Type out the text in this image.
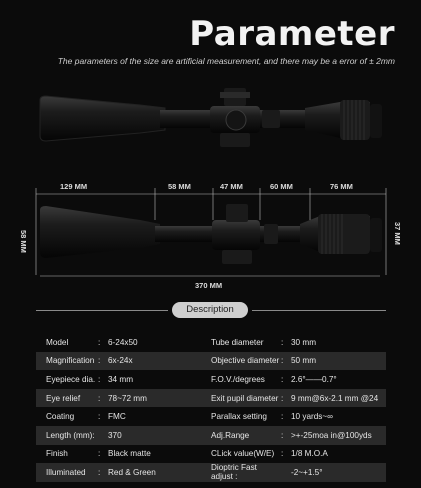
Parameter
The parameters of the size are artificial measurement, and there may be a error of ± 2mm
129 MM	58 MM	47 MM	60 MM	76 MM
370 MM
58 MM	37 MM
Description
Model	: 6-24x50	Tube diameter	: 30 mm
Magnification : 6x-24x	Objective diameter : 50 mm
Eyepiece dia. : 34 mm	F.O.V./degrees	: 2.6°——0.7°
Eye relief	: 78~72 mm	Exit pupil diameter : 9 mm@6x-2.1 mm @24
Coating	: FMC	Parallax setting	: 10 yards~∞
Length (mm):	370	Adj.Range	: >+-25moa in@100yds
Finish	: Black matte	CLick value(W/E) : 1/8 M.O.A
Illuminated	: Red & Green	Dioptric Fast adjust :	-2~+1.5°
